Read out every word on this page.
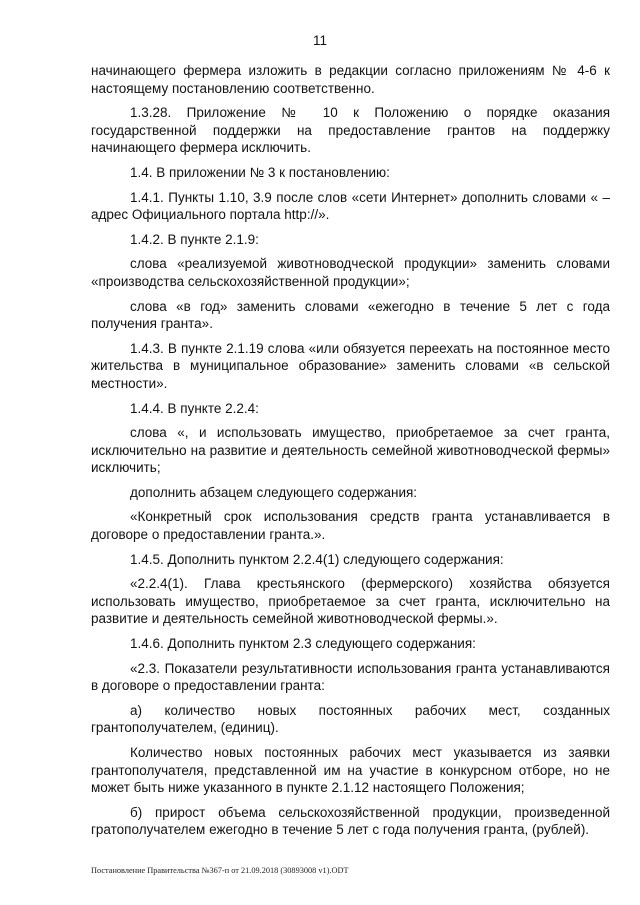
11

начинающего фермера изложить в редакции согласно приложениям № 4-6 к настоящему постановлению соответственно.

1.3.28. Приложение № 10 к Положению о порядке оказания государственной поддержки на предоставление грантов на поддержку начинающего фермера исключить.

1.4. В приложении № 3 к постановлению:

1.4.1. Пункты 1.10, 3.9 после слов «сети Интернет» дополнить словами « – адрес Официального портала http://».

1.4.2. В пункте 2.1.9:

слова «реализуемой животноводческой продукции» заменить словами «производства сельскохозяйственной продукции»;

слова «в год» заменить словами «ежегодно в течение 5 лет с года получения гранта».

1.4.3. В пункте 2.1.19 слова «или обязуется переехать на постоянное место жительства в муниципальное образование» заменить словами «в сельской местности».

1.4.4. В пункте 2.2.4:

слова «, и использовать имущество, приобретаемое за счет гранта, исключительно на развитие и деятельность семейной животноводческой фермы» исключить;

дополнить абзацем следующего содержания:

«Конкретный срок использования средств гранта устанавливается в договоре о предоставлении гранта.».

1.4.5. Дополнить пунктом 2.2.4(1) следующего содержания:

«2.2.4(1). Глава крестьянского (фермерского) хозяйства обязуется использовать имущество, приобретаемое за счет гранта, исключительно на развитие и деятельность семейной животноводческой фермы.».

1.4.6. Дополнить пунктом 2.3 следующего содержания:

«2.3. Показатели результативности использования гранта устанавливаются в договоре о предоставлении гранта:

а) количество новых постоянных рабочих мест, созданных грантополучателем, (единиц).

Количество новых постоянных рабочих мест указывается из заявки грантополучателя, представленной им на участие в конкурсном отборе, но не может быть ниже указанного в пункте 2.1.12 настоящего Положения;

б) прирост объема сельскохозяйственной продукции, произведенной гратополучателем ежегодно в течение 5 лет с года получения гранта, (рублей).

Постановление Правительства №367-п от 21.09.2018 (30893008 v1).ODT
